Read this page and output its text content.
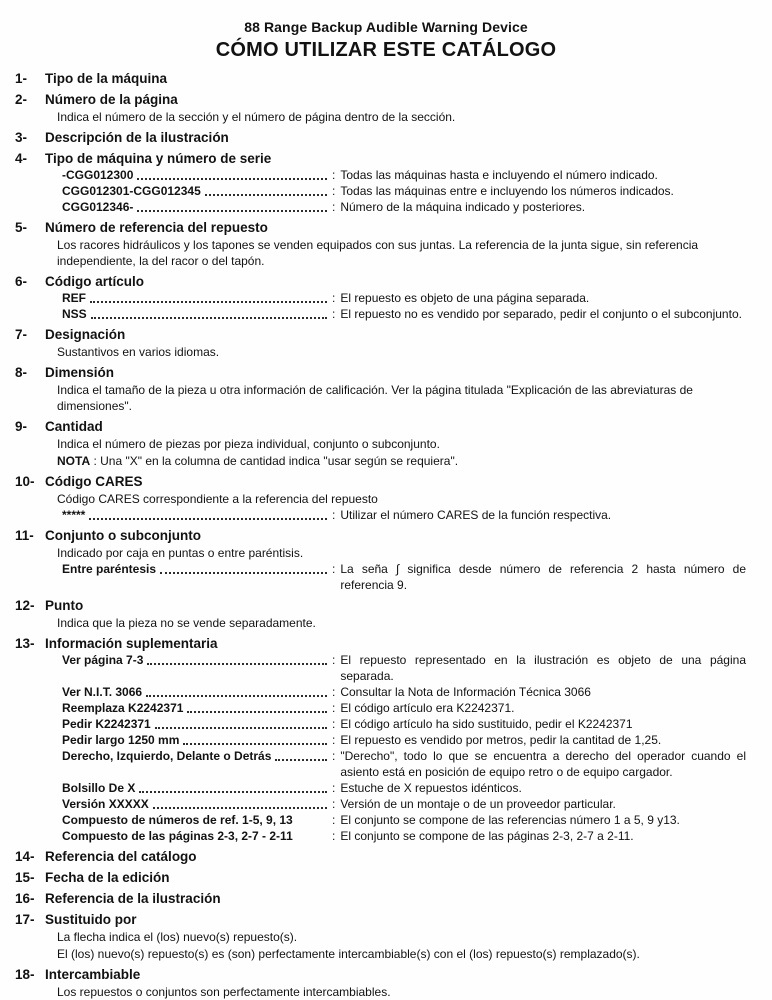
88 Range Backup Audible Warning Device
CÓMO UTILIZAR ESTE CATÁLOGO
1-	Tipo de la máquina
2-	Número de la página

Indica el número de la sección y el número de página dentro de la sección.

3-	Descripción de la ilustración
4-	Tipo de máquina y número de serie
-CGG012300	: Todas las máquinas hasta e incluyendo el número indicado.
CGG012301-CGG012345	: Todas las máquinas entre e incluyendo los números indicados.
CGG012346-	: Número de la máquina indicado y posteriores.
5-	Número de referencia del repuesto

Los racores hidráulicos y los tapones se venden equipados con sus juntas. La referencia de la junta sigue, sin referencia independiente, la del racor o del tapón.

6-	Código artículo
REF	: El repuesto es objeto de una página separada.
NSS	: El repuesto no es vendido por separado, pedir el conjunto o el subconjunto.
7-	Designación

Sustantivos en varios idiomas.

8-	Dimensión

Indica el tamaño de la pieza u otra información de calificación. Ver la página titulada "Explicación de las abreviaturas de dimensiones".

9-	Cantidad

Indica el número de piezas por pieza individual, conjunto o subconjunto.

NOTA : Una "X" en la columna de cantidad indica "usar según se requiera".

10- Código CARES

Código CARES correspondiente a la referencia del repuesto

*****	: Utilizar el número CARES de la función respectiva.
11- Conjunto o subconjunto

Indicado por caja en puntas o entre paréntisis.

Entre paréntesis	: La seña ∫ significa desde número de referencia 2 hasta número de referencia 9.
12- Punto

Indica que la pieza no se vende separadamente.

13- Información suplementaria
Ver página 7-3	: El repuesto representado en la ilustración es objeto de una página separada.
Ver N.I.T. 3066	: Consultar la Nota de Información Técnica 3066
Reemplaza K2242371	: El código artículo era K2242371.
Pedir K2242371	: El código artículo ha sido sustituido, pedir el K2242371
Pedir largo 1250 mm	: El repuesto es vendido por metros, pedir la cantitad de 1,25.
Derecho, Izquierdo, Delante o Detrás	: "Derecho", todo lo que se encuentra a derecho del operador cuando el asiento está en posición de equipo retro o de equipo cargador.
Bolsillo De X	: Estuche de X repuestos idénticos.
Versión XXXXX	: Versión de un montaje o de un proveedor particular.
Compuesto de números de ref. 1-5, 9, 13	: El conjunto se compone de las referencias número 1 a 5, 9 y13.
Compuesto de las páginas 2-3, 2-7 - 2-11	: El conjunto se compone de las páginas 2-3, 2-7 a 2-11.
14- Referencia del catálogo
15- Fecha de la edición
16- Referencia de la ilustración
17- Sustituido por

La flecha indica el (los) nuevo(s) repuesto(s).

El (los) nuevo(s) repuesto(s) es (son) perfectamente intercambiable(s) con el (los) repuesto(s) remplazado(s).

18- Intercambiable

Los repuestos o conjuntos son perfectamente intercambiables.
